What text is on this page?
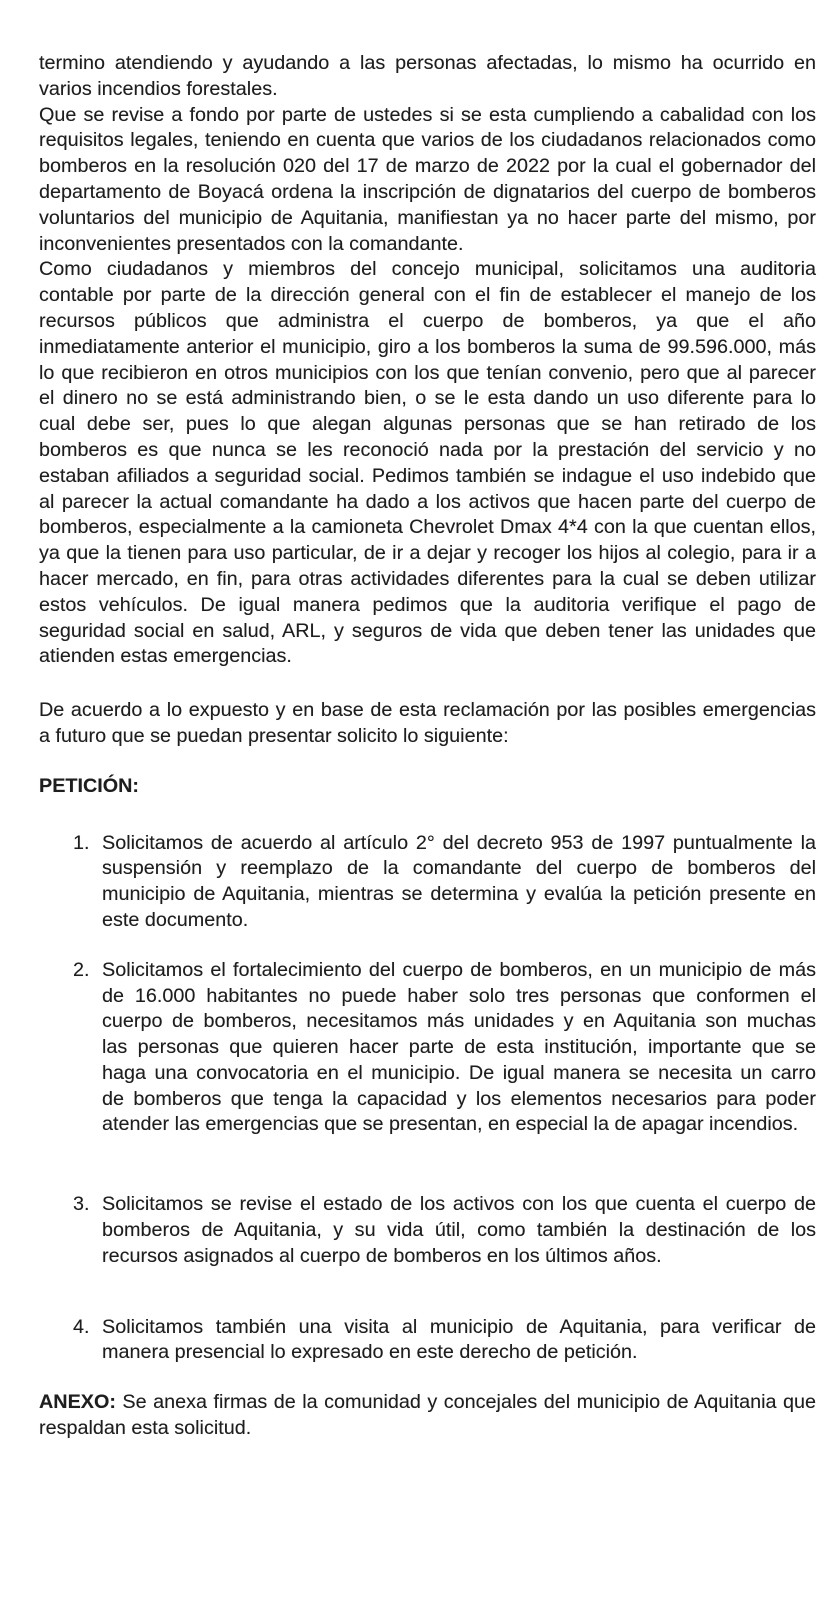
termino atendiendo y ayudando a las personas afectadas, lo mismo ha ocurrido en
varios incendios forestales.
Que se revise a fondo por parte de ustedes si se esta cumpliendo a cabalidad con los
requisitos legales, teniendo en cuenta que varios de los ciudadanos relacionados como
bomberos en la resolución 020 del 17 de marzo de 2022 por la cual el gobernador del
departamento de Boyacá ordena la inscripción de dignatarios del cuerpo de bomberos
voluntarios del municipio de Aquitania, manifiestan ya no hacer parte del mismo, por
inconvenientes presentados con la comandante.
Como ciudadanos y miembros del concejo municipal, solicitamos una auditoria
contable por parte de la dirección general con el fin de establecer el manejo de los
recursos públicos que administra el cuerpo de bomberos, ya que el año
inmediatamente anterior el municipio, giro a los bomberos la suma de 99.596.000, más
lo que recibieron en otros municipios con los que tenían convenio, pero que al parecer
el dinero no se está administrando bien, o se le esta dando un uso diferente para lo
cual debe ser, pues lo que alegan algunas personas que se han retirado de los
bomberos es que nunca se les reconoció nada por la prestación del servicio y no
estaban afiliados a seguridad social. Pedimos también se indague el uso indebido que
al parecer la actual comandante ha dado a los activos que hacen parte del cuerpo de
bomberos, especialmente a la camioneta Chevrolet Dmax 4*4 con la que cuentan ellos,
ya que la tienen para uso particular, de ir a dejar y recoger los hijos al colegio, para ir a
hacer mercado, en fin, para otras actividades diferentes para la cual se deben utilizar
estos vehículos. De igual manera pedimos que la auditoria verifique el pago de
seguridad social en salud, ARL, y seguros de vida que deben tener las unidades que
atienden estas emergencias.
De acuerdo a lo expuesto y en base de esta reclamación por las posibles emergencias
a futuro que se puedan presentar solicito lo siguiente:
PETICIÓN:
1. Solicitamos de acuerdo al artículo 2° del decreto 953 de 1997 puntualmente la
suspensión y reemplazo de la comandante del cuerpo de bomberos del
municipio de Aquitania, mientras se determina y evalúa la petición presente en
este documento.
2. Solicitamos el fortalecimiento del cuerpo de bomberos, en un municipio de más
de 16.000 habitantes no puede haber solo tres personas que conformen el
cuerpo de bomberos, necesitamos más unidades y en Aquitania son muchas
las personas que quieren hacer parte de esta institución, importante que se
haga una convocatoria en el municipio. De igual manera se necesita un carro
de bomberos que tenga la capacidad y los elementos necesarios para poder
atender las emergencias que se presentan, en especial la de apagar incendios.
3. Solicitamos se revise el estado de los activos con los que cuenta el cuerpo de
bomberos de Aquitania, y su vida útil, como también la destinación de los
recursos asignados al cuerpo de bomberos en los últimos años.
4. Solicitamos también una visita al municipio de Aquitania, para verificar de
manera presencial lo expresado en este derecho de petición.
ANEXO: Se anexa firmas de la comunidad y concejales del municipio de Aquitania que
respaldan esta solicitud.
